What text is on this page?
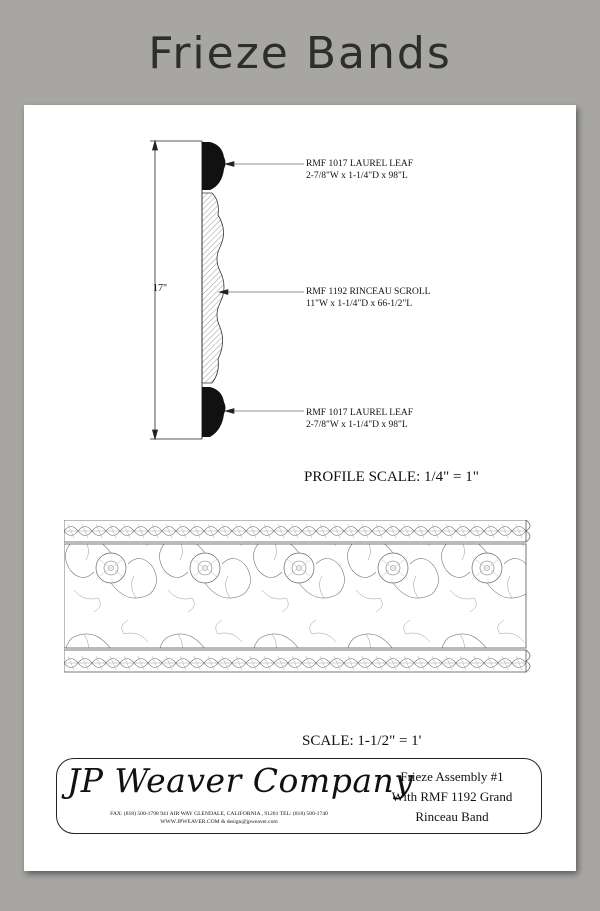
Frieze Bands
17"
RMF 1017 LAUREL LEAF
2-7/8"W x 1-1/4"D x 98"L
RMF 1192 RINCEAU SCROLL
11"W x 1-1/4"D x 66-1/2"L
RMF 1017 LAUREL LEAF
2-7/8"W x 1-1/4"D x 98"L
PROFILE SCALE: 1/4" = 1"
SCALE: 1-1/2" = 1'
JP Weaver Company
FAX: (818) 500-1798 941 AIR WAY GLENDALE, CALIFORNIA , 91201 TEL: (818) 500-1740
WWW.JPWEAVER.COM & design@jpweaver.com
Frieze Assembly #1
With RMF 1192 Grand
Rinceau Band
